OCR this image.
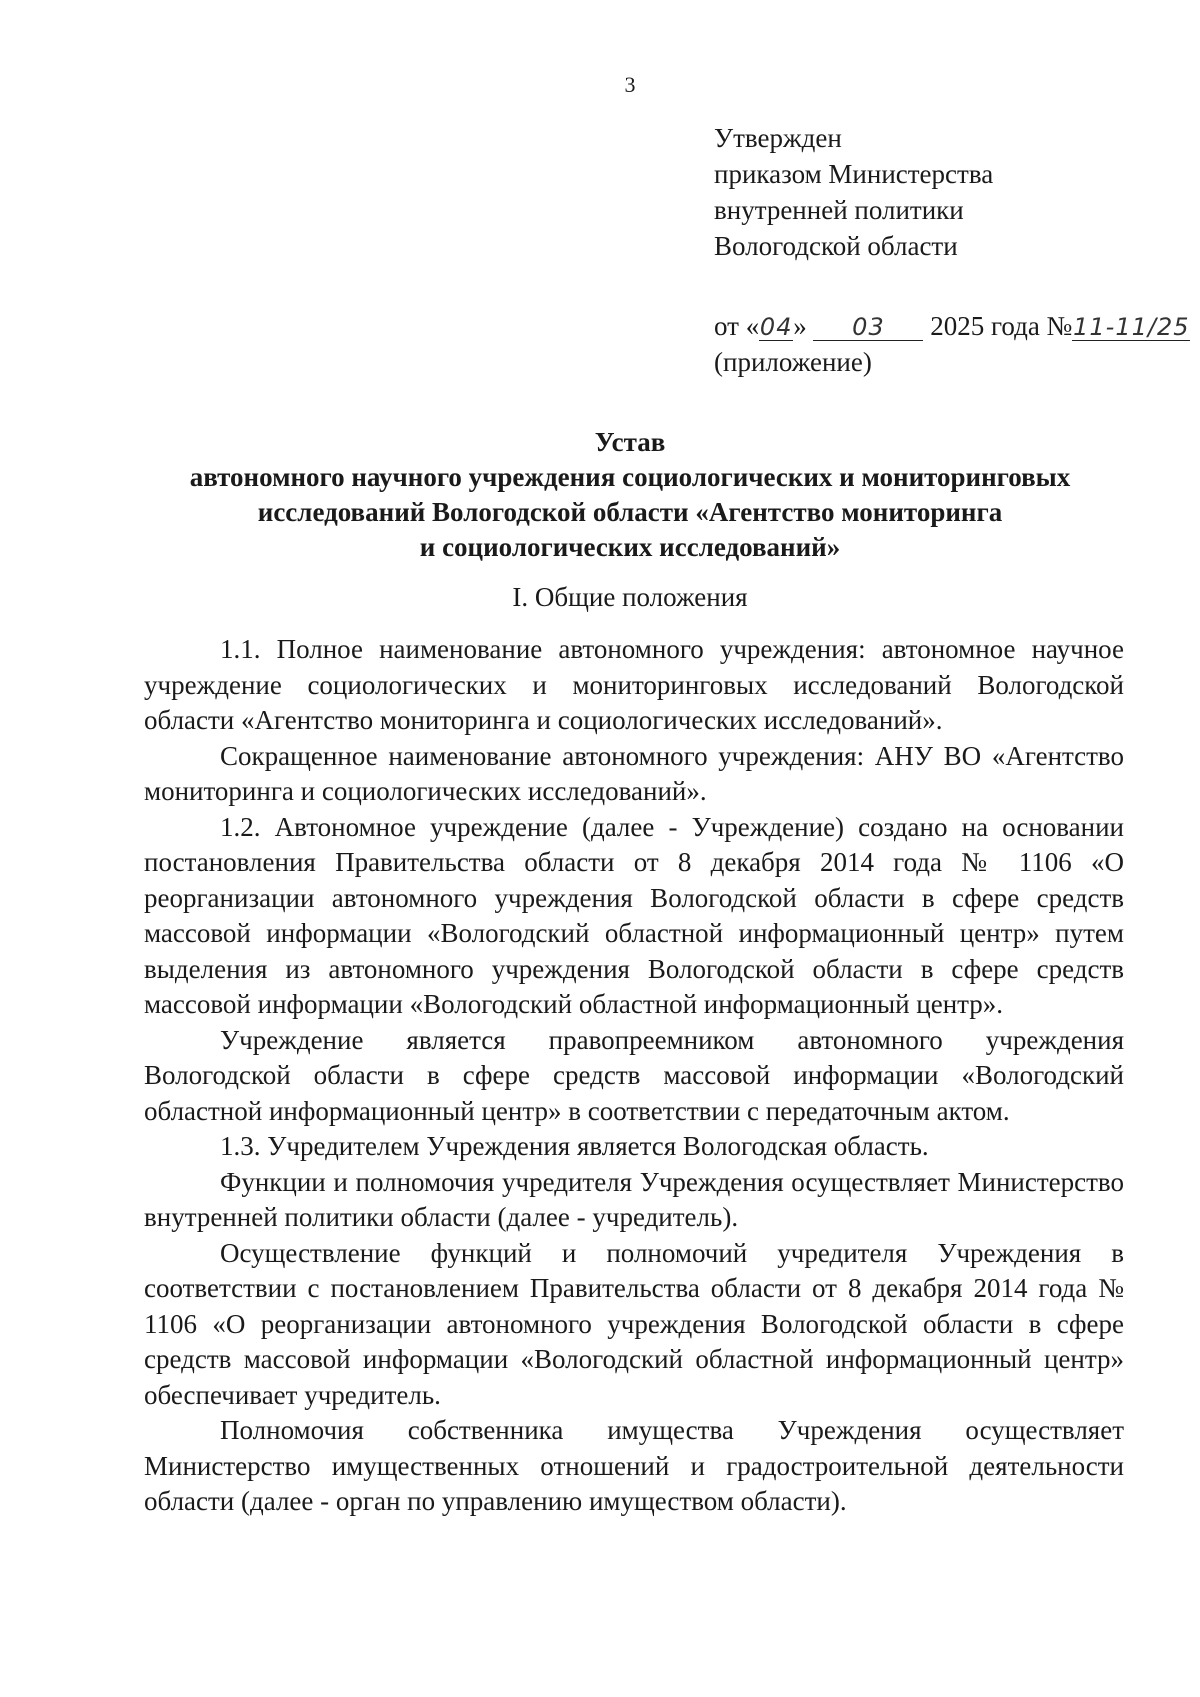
3
Утвержден
приказом Министерства
внутренней политики
Вологодской области
от «04» 03 2025 года №11-11/25
(приложение)
Устав
автономного научного учреждения социологических и мониторинговых
исследований Вологодской области «Агентство мониторинга
и социологических исследований»
I. Общие положения

1.1. Полное наименование автономного учреждения: автономное научное учреждение социологических и мониторинговых исследований Вологодской области «Агентство мониторинга и социологических исследований».

Сокращенное наименование автономного учреждения: АНУ ВО «Агентство мониторинга и социологических исследований».

1.2. Автономное учреждение (далее - Учреждение) создано на основании постановления Правительства области от 8 декабря 2014 года № 1106 «О реорганизации автономного учреждения Вологодской области в сфере средств массовой информации «Вологодский областной информационный центр» путем выделения из автономного учреждения Вологодской области в сфере средств массовой информации «Вологодский областной информационный центр».

Учреждение является правопреемником автономного учреждения Вологодской области в сфере средств массовой информации «Вологодский областной информационный центр» в соответствии с передаточным актом.

1.3. Учредителем Учреждения является Вологодская область.

Функции и полномочия учредителя Учреждения осуществляет Министерство внутренней политики области (далее - учредитель).

Осуществление функций и полномочий учредителя Учреждения в соответствии с постановлением Правительства области от 8 декабря 2014 года № 1106 «О реорганизации автономного учреждения Вологодской области в сфере средств массовой информации «Вологодский областной информационный центр» обеспечивает учредитель.

Полномочия собственника имущества Учреждения осуществляет Министерство имущественных отношений и градостроительной деятельности области (далее - орган по управлению имуществом области).
